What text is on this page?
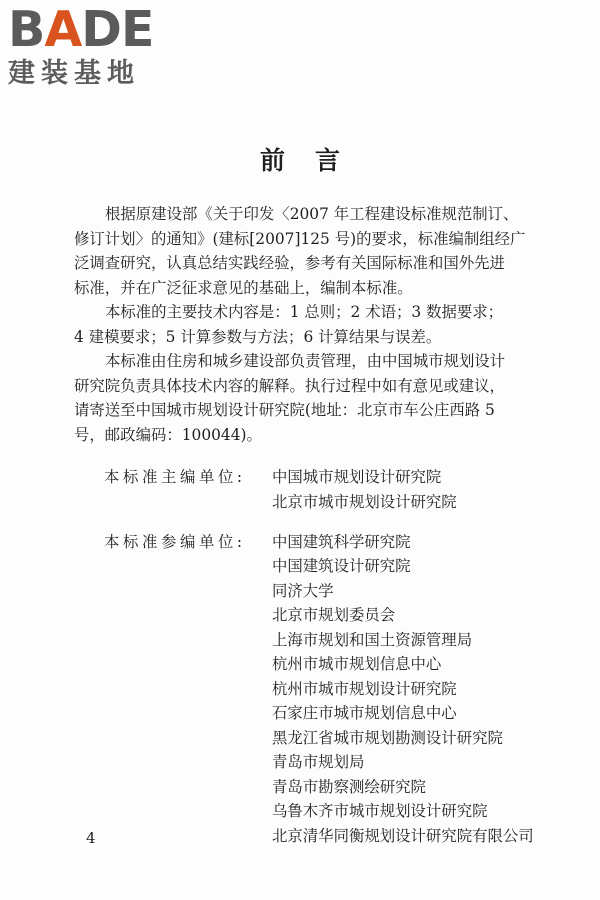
BADE
建装基地
前言

根据原建设部《关于印发〈2007 年工程建设标准规范制订、
修订计划〉的通知》(建标[2007]125 号)的要求，标准编制组经广
泛调查研究，认真总结实践经验，参考有关国际标准和国外先进
标准，并在广泛征求意见的基础上，编制本标准。

本标准的主要技术内容是：1 总则；2 术语；3 数据要求；
4 建模要求；5 计算参数与方法；6 计算结果与误差。

本标准由住房和城乡建设部负责管理，由中国城市规划设计
研究院负责具体技术内容的解释。执行过程中如有意见或建议，
请寄送至中国城市规划设计研究院(地址：北京市车公庄西路 5
号，邮政编码：100044)。

本标准主编单位:	中国城市规划设计研究院
北京市城市规划设计研究院
本标准参编单位:	中国建筑科学研究院
中国建筑设计研究院
同济大学
北京市规划委员会
上海市规划和国土资源管理局
杭州市城市规划信息中心
杭州市城市规划设计研究院
石家庄市城市规划信息中心
黑龙江省城市规划勘测设计研究院
青岛市规划局
青岛市勘察测绘研究院
乌鲁木齐市城市规划设计研究院
北京清华同衡规划设计研究院有限公司
4
